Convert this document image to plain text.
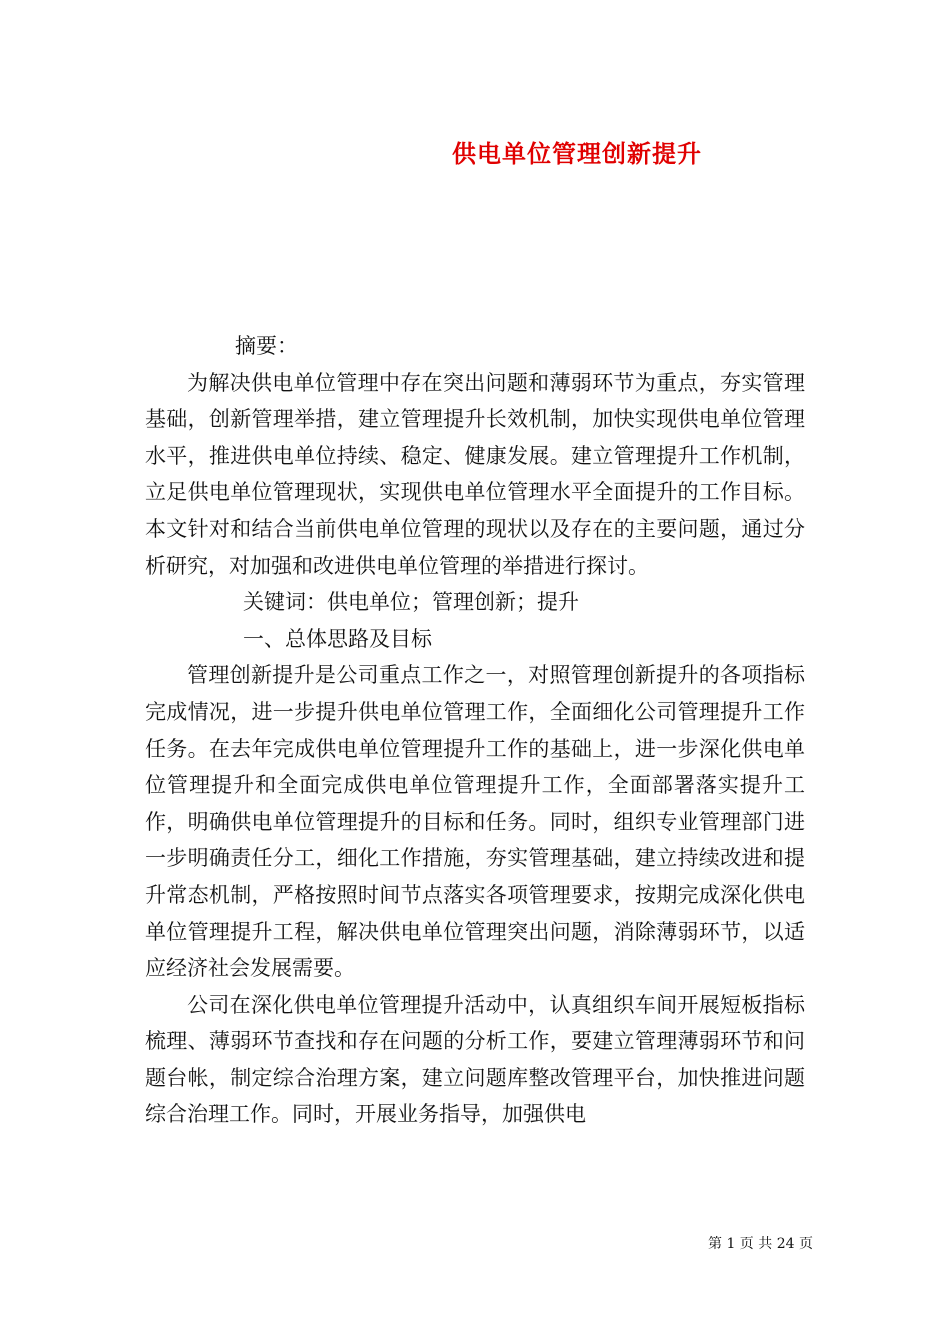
供电单位管理创新提升

摘要：

为解决供电单位管理中存在突出问题和薄弱环节为重点，夯实管理基础，创新管理举措，建立管理提升长效机制，加快实现供电单位管理水平，推进供电单位持续、稳定、健康发展。建立管理提升工作机制，立足供电单位管理现状，实现供电单位管理水平全面提升的工作目标。本文针对和结合当前供电单位管理的现状以及存在的主要问题，通过分析研究，对加强和改进供电单位管理的举措进行探讨。

关键词：供电单位；管理创新；提升

一、总体思路及目标

管理创新提升是公司重点工作之一，对照管理创新提升的各项指标完成情况，进一步提升供电单位管理工作，全面细化公司管理提升工作任务。在去年完成供电单位管理提升工作的基础上，进一步深化供电单位管理提升和全面完成供电单位管理提升工作，全面部署落实提升工作，明确供电单位管理提升的目标和任务。同时，组织专业管理部门进一步明确责任分工，细化工作措施，夯实管理基础，建立持续改进和提升常态机制，严格按照时间节点落实各项管理要求，按期完成深化供电单位管理提升工程，解决供电单位管理突出问题，消除薄弱环节，以适应经济社会发展需要。

公司在深化供电单位管理提升活动中，认真组织车间开展短板指标梳理、薄弱环节查找和存在问题的分析工作，要建立管理薄弱环节和问题台帐，制定综合治理方案，建立问题库整改管理平台，加快推进问题综合治理工作。同时，开展业务指导，加强供电

第 1 页 共 24 页
